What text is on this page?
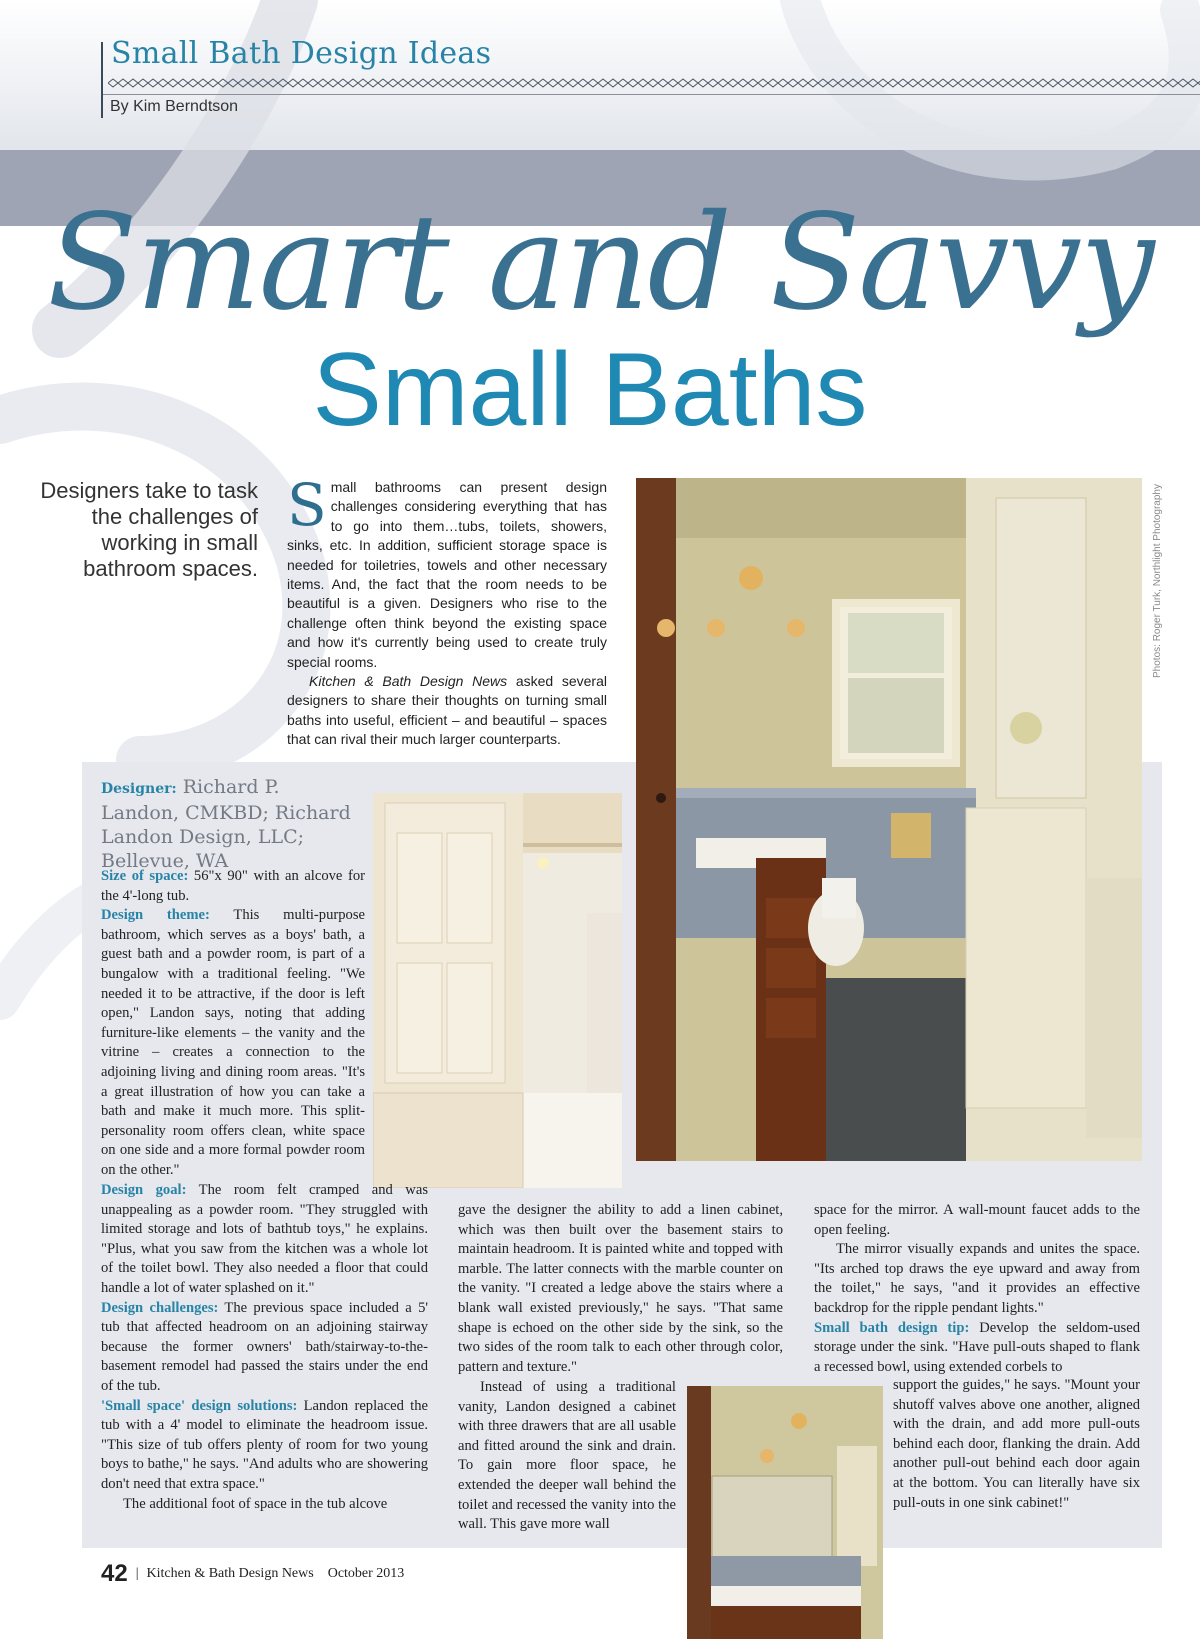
Small Bath Design Ideas
By Kim Berndtson
Smart and Savvy
Small Baths
Designers take to task the challenges of working in small bathroom spaces.

Small bathrooms can present design challenges considering everything that has to go into them…tubs, toilets, showers, sinks, etc. In addition, sufficient storage space is needed for toiletries, towels and other necessary items. And, the fact that the room needs to be beautiful is a given. Designers who rise to the challenge often think beyond the existing space and how it's currently being used to create truly special rooms.

Kitchen & Bath Design News asked several designers to share their thoughts on turning small baths into useful, efficient – and beautiful – spaces that can rival their much larger counterparts.

Photos: Roger Turk, Northlight Photography
Designer: Richard P. Landon, CMKBD; Richard Landon Design, LLC; Bellevue, WA

Size of space: 56"x 90" with an alcove for the 4'-long tub.

Design theme: This multi-purpose bathroom, which serves as a boys' bath, a guest bath and a powder room, is part of a bungalow with a traditional feeling. "We needed it to be attractive, if the door is left open," Landon says, noting that adding furniture-like elements – the vanity and the vitrine – creates a connection to the adjoining living and dining room areas. "It's a great illustration of how you can take a bath and make it much more. This split-personality room offers clean, white space on one side and a more formal powder room on the other."

Design goal: The room felt cramped and was unappealing as a powder room. "They struggled with limited storage and lots of bathtub toys," he explains. "Plus, what you saw from the kitchen was a whole lot of the toilet bowl. They also needed a floor that could handle a lot of water splashed on it."

Design challenges: The previous space included a 5' tub that affected headroom on an adjoining stairway because the former owners' bath/stairway-to-the-basement remodel had passed the stairs under the end of the tub.

'Small space' design solutions: Landon replaced the tub with a 4' model to eliminate the headroom issue. "This size of tub offers plenty of room for two young boys to bathe," he says. "And adults who are showering don't need that extra space."

The additional foot of space in the tub alcove

gave the designer the ability to add a linen cabinet, which was then built over the basement stairs to maintain headroom. It is painted white and topped with marble. The latter connects with the marble counter on the vanity. "I created a ledge above the stairs where a blank wall existed previously," he says. "That same shape is echoed on the other side by the sink, so the two sides of the room talk to each other through color, pattern and texture."

Instead of using a traditional vanity, Landon designed a cabinet with three drawers that are all usable and fitted around the sink and drain. To gain more floor space, he extended the deeper wall behind the toilet and recessed the vanity into the wall. This gave more wall

space for the mirror. A wall-mount faucet adds to the open feeling.

The mirror visually expands and unites the space. "Its arched top draws the eye upward and away from the toilet," he says, "and it provides an effective backdrop for the ripple pendant lights."

Small bath design tip: Develop the seldom-used storage under the sink. "Have pull-outs shaped to flank a recessed bowl, using extended corbels to

support the guides," he says. "Mount your shutoff valves above one another, aligned with the drain, and add more pull-outs behind each door, flanking the drain. Add another pull-out behind each door again at the bottom. You can literally have six pull-outs in one sink cabinet!"

42 | Kitchen & Bath Design News October 2013
